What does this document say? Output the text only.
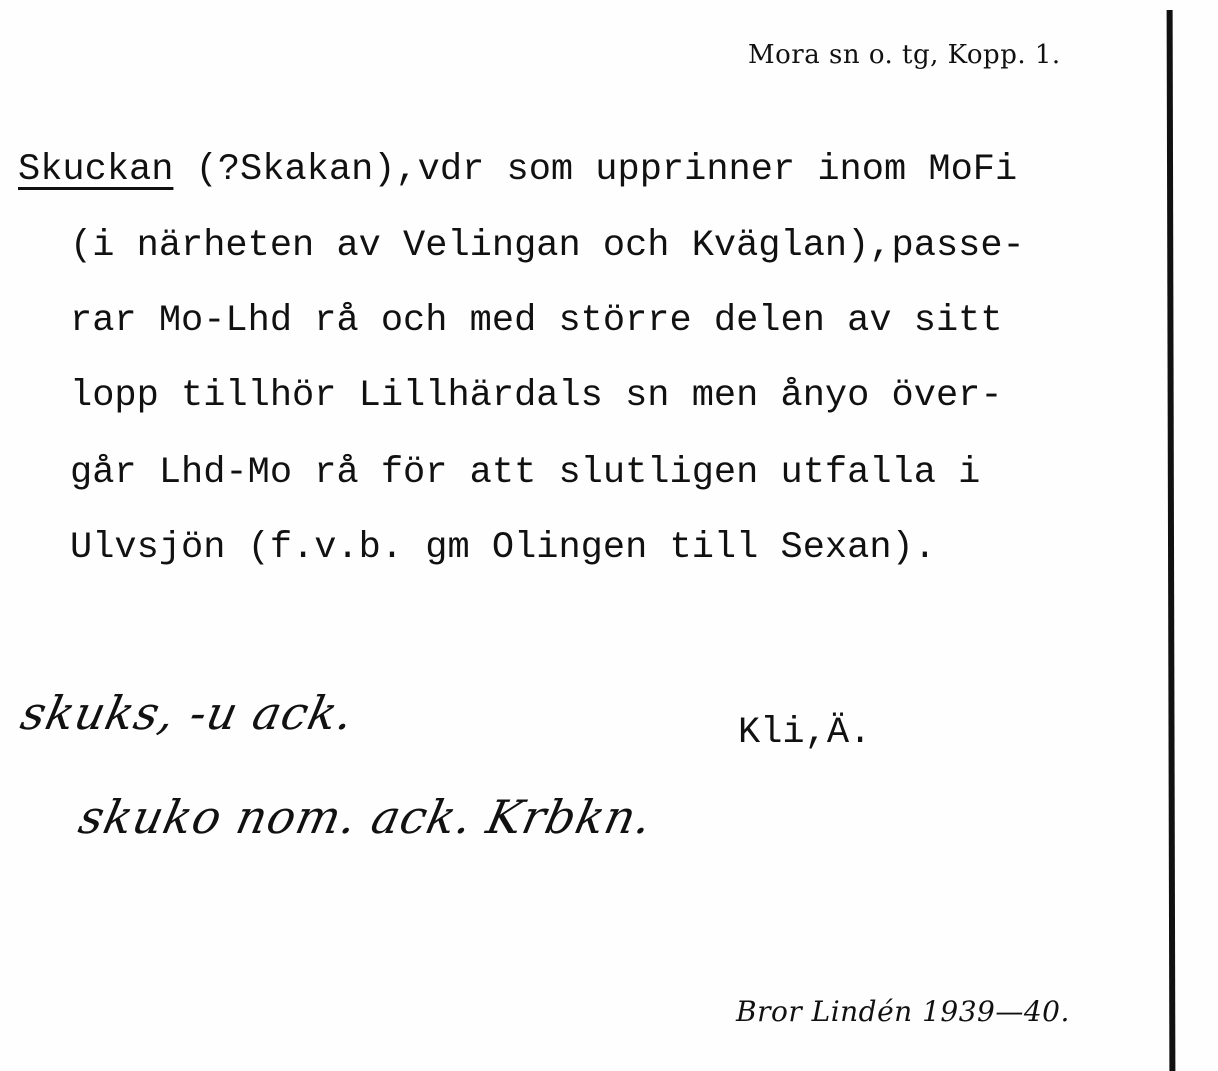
Mora sn o. tg, Kopp. 1.
Skuckan (?Skakan),vdr som upprinner inom MoFi
(i närheten av Velingan och Kväglan),passe-
rar Mo-Lhd rå och med större delen av sitt
lopp tillhör Lillhärdals sn men ånyo över-
går Lhd-Mo rå för att slutligen utfalla i
Ulvsjön (f.v.b. gm Olingen till Sexan).
skuks, -u ack.	Kli,Ä.
skuko nom. ack. Krbkn.
Bror Lindén 1939—40.
